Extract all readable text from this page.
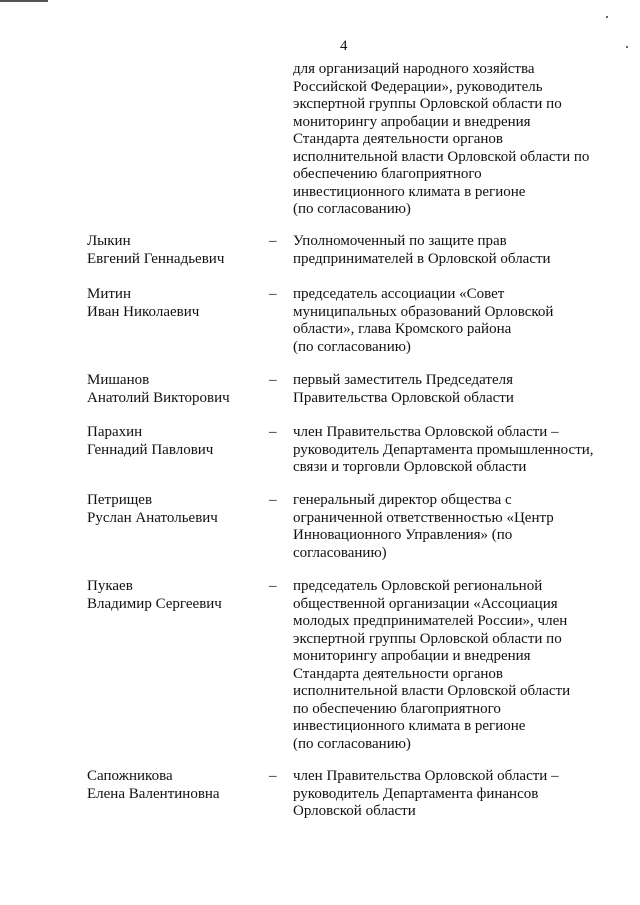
4
для организаций народного хозяйства
Российской Федерации», руководитель
экспертной группы Орловской области по
мониторингу апробации и внедрения
Стандарта деятельности органов
исполнительной власти Орловской области по
обеспечению благоприятного
инвестиционного климата в регионе
(по согласованию)
Лыкин
Евгений Геннадьевич
– Уполномоченный по защите прав
предпринимателей в Орловской области
Митин
Иван Николаевич
– председатель ассоциации «Совет
муниципальных образований Орловской
области», глава Кромского района
(по согласованию)
Мишанов
Анатолий Викторович
– первый заместитель Председателя
Правительства Орловской области
Парахин
Геннадий Павлович
– член Правительства Орловской области –
руководитель Департамента промышленности,
связи и торговли Орловской области
Петрищев
Руслан Анатольевич
– генеральный директор общества с
ограниченной ответственностью «Центр
Инновационного Управления» (по
согласованию)
Пукаев
Владимир Сергеевич
– председатель Орловской региональной
общественной организации «Ассоциация
молодых предпринимателей России», член
экспертной группы Орловской области по
мониторингу апробации и внедрения
Стандарта деятельности органов
исполнительной власти Орловской области
по обеспечению благоприятного
инвестиционного климата в регионе
(по согласованию)
Сапожникова
Елена Валентиновна
– член Правительства Орловской области –
руководитель Департамента финансов
Орловской области
